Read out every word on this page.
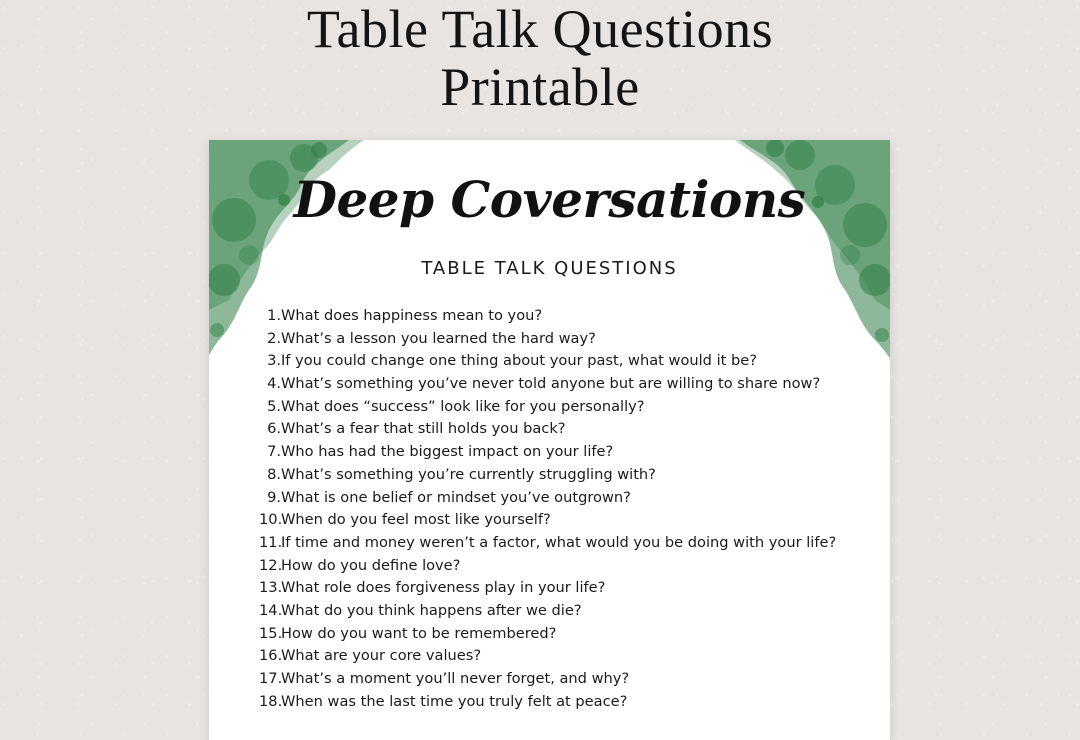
Table Talk Questions
Printable
Deep Coversations
TABLE TALK QUESTIONS
1. What does happiness mean to you?
2. What’s a lesson you learned the hard way?
3. If you could change one thing about your past, what would it be?
4. What’s something you’ve never told anyone but are willing to share now?
5. What does “success” look like for you personally?
6. What’s a fear that still holds you back?
7. Who has had the biggest impact on your life?
8. What’s something you’re currently struggling with?
9. What is one belief or mindset you’ve outgrown?
10.
When do you feel most like yourself?
11.
If time and money weren’t a factor, what would you be doing with your life?
12.
How do you define love?
13.
What role does forgiveness play in your life?
14.
What do you think happens after we die?
15.
How do you want to be remembered?
16.
What are your core values?
17.
What’s a moment you’ll never forget, and why?
18.
When was the last time you truly felt at peace?
